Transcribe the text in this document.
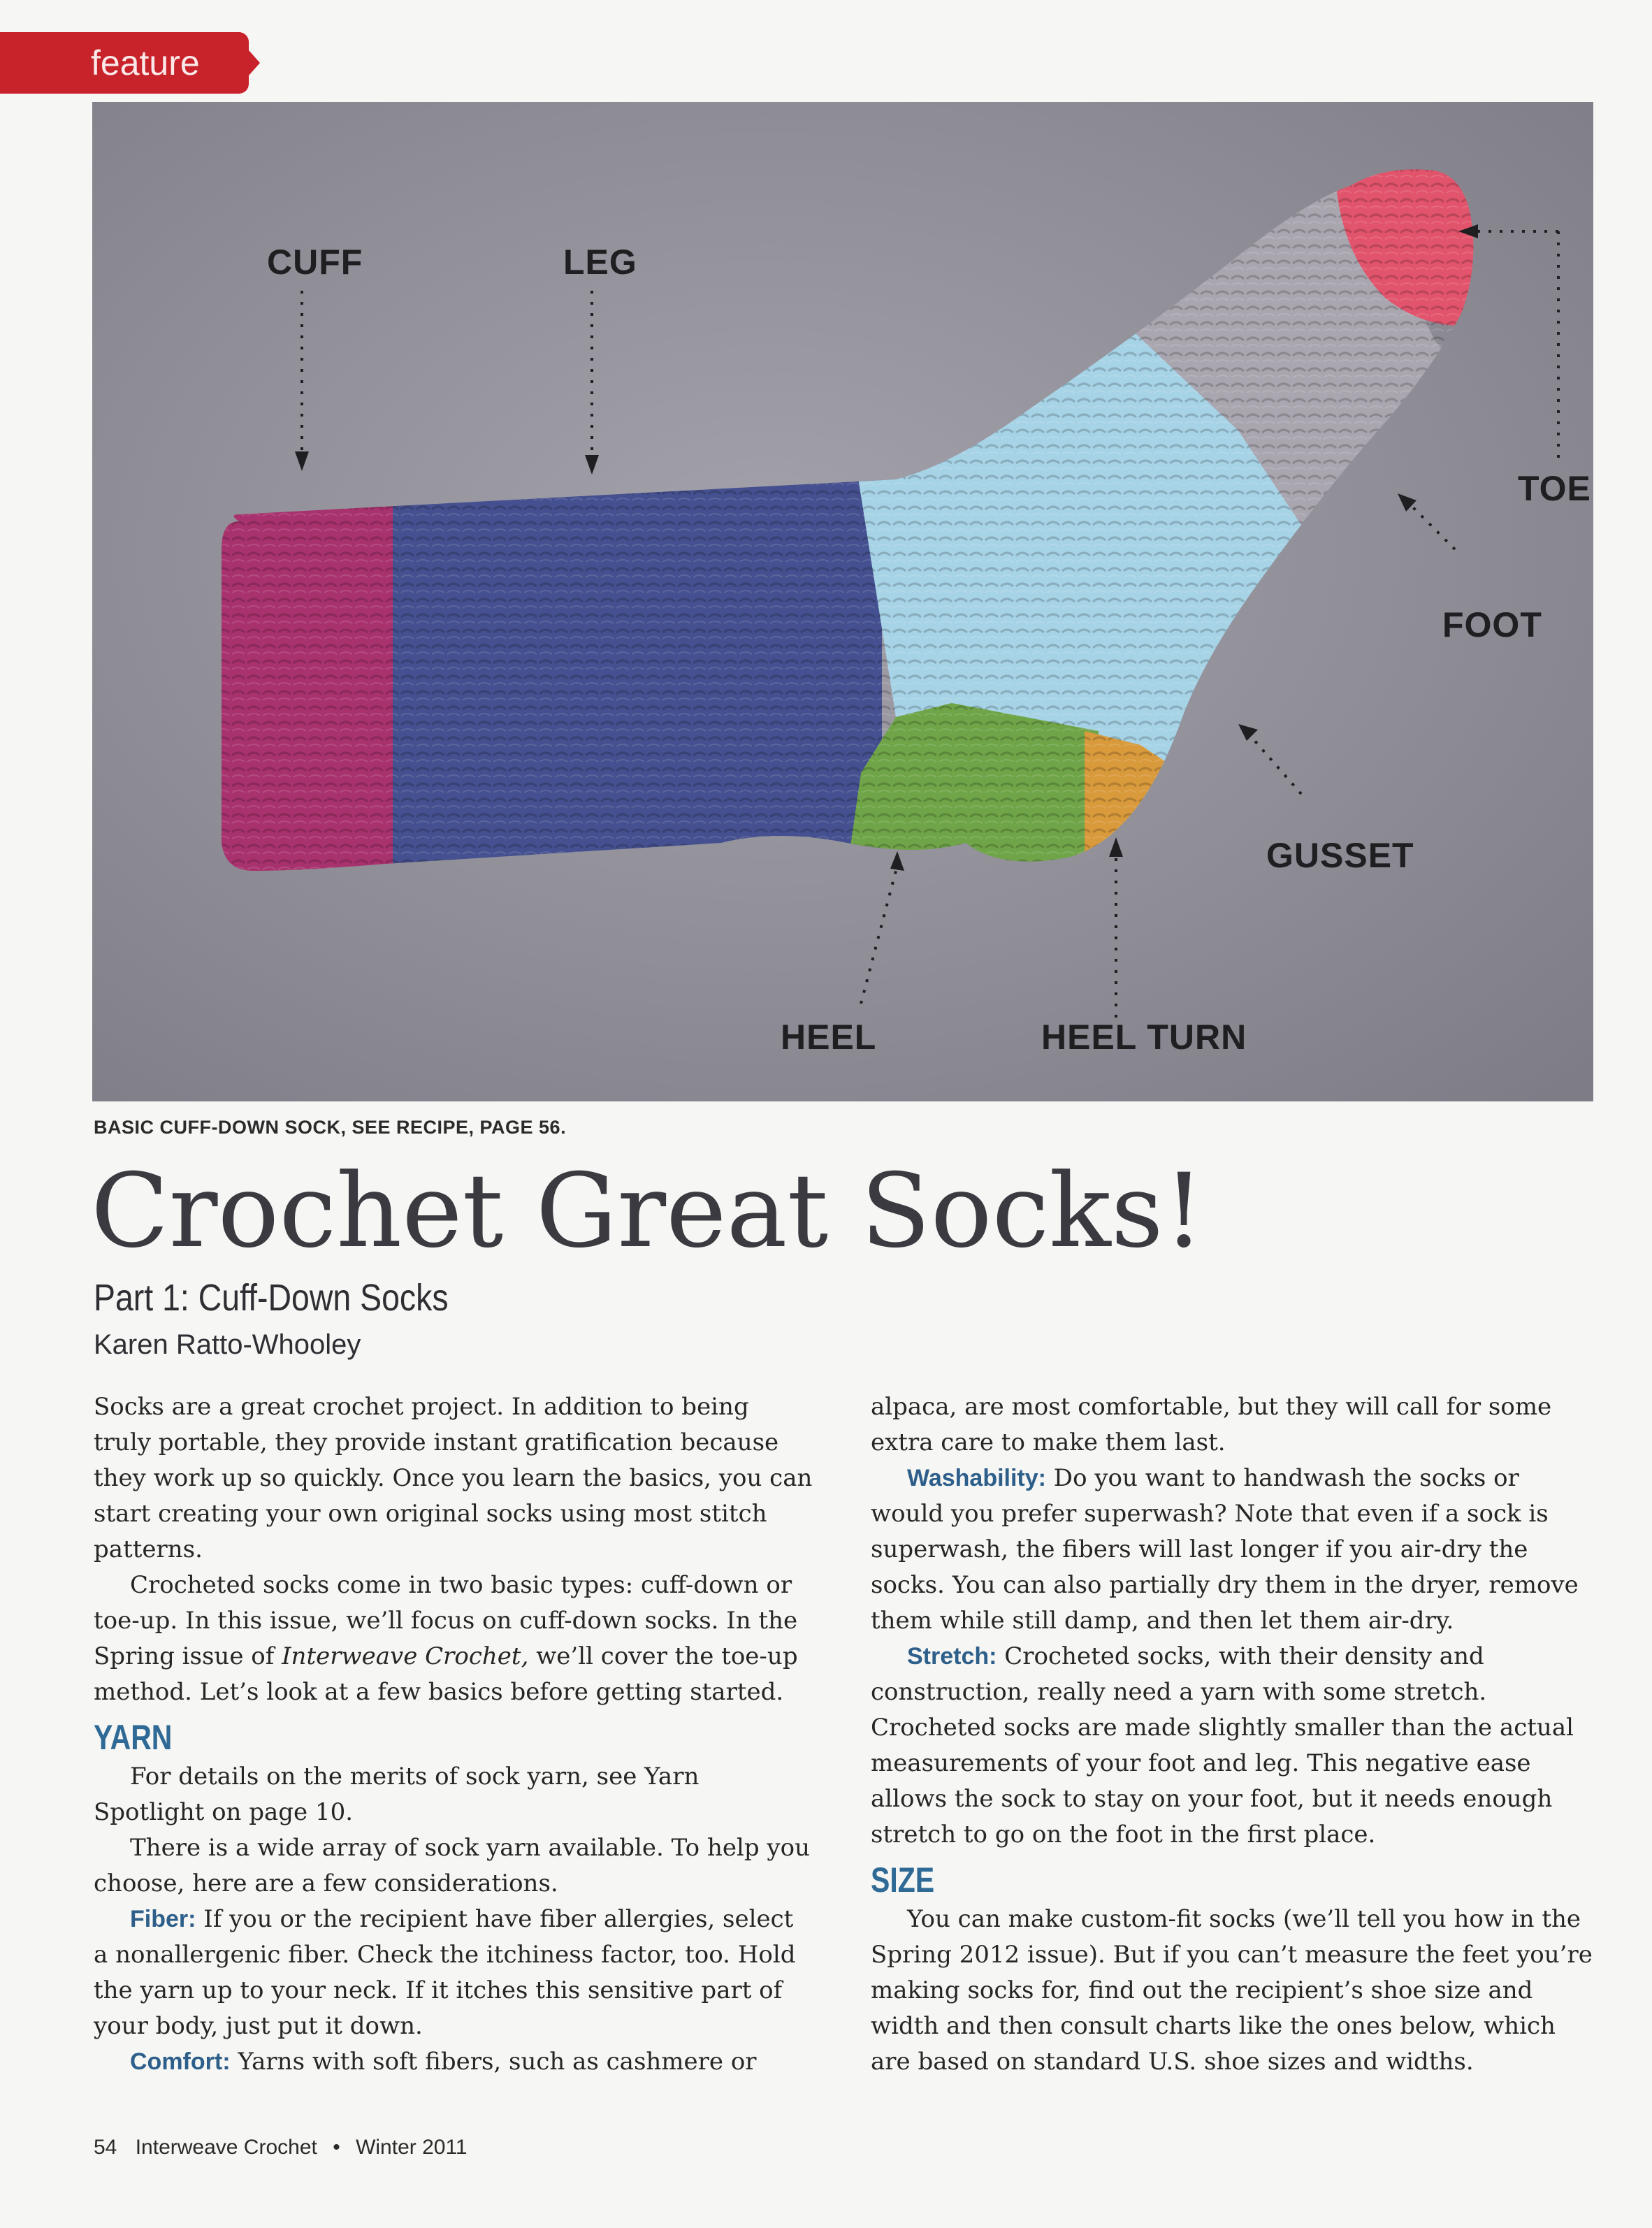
feature
CUFF	LEG
TOE
FOOT
GUSSET
HEEL	HEEL TURN
BASIC CUFF-DOWN SOCK, SEE RECIPE, PAGE 56.
Crochet Great Socks!
Part 1: Cuff-Down Socks
Karen Ratto-Whooley

Socks are a great crochet project. In addition to being truly portable, they provide instant gratification because they work up so quickly. Once you learn the basics, you can start creating your own original socks using most stitch patterns.

Crocheted socks come in two basic types: cuff-down or toe-up. In this issue, we’ll focus on cuff-down socks. In the Spring issue of Interweave Crochet, we’ll cover the toe-up method. Let’s look at a few basics before getting started.

YARN

For details on the merits of sock yarn, see Yarn Spotlight on page 10.

There is a wide array of sock yarn available. To help you choose, here are a few considerations.

Fiber: If you or the recipient have fiber allergies, select a nonallergenic fiber. Check the itchiness factor, too. Hold the yarn up to your neck. If it itches this sensitive part of your body, just put it down.

Comfort: Yarns with soft fibers, such as cashmere or

alpaca, are most comfortable, but they will call for some extra care to make them last.

Washability: Do you want to handwash the socks or would you prefer superwash? Note that even if a sock is superwash, the fibers will last longer if you air-dry the socks. You can also partially dry them in the dryer, remove them while still damp, and then let them air-dry.

Stretch: Crocheted socks, with their density and construction, really need a yarn with some stretch. Crocheted socks are made slightly smaller than the actual measurements of your foot and leg. This negative ease allows the sock to stay on your foot, but it needs enough stretch to go on the foot in the first place.

SIZE

You can make custom-fit socks (we’ll tell you how in the Spring 2012 issue). But if you can’t measure the feet you’re making socks for, find out the recipient’s shoe size and width and then consult charts like the ones below, which are based on standard U.S. shoe sizes and widths.

54 Interweave Crochet • Winter 2011
